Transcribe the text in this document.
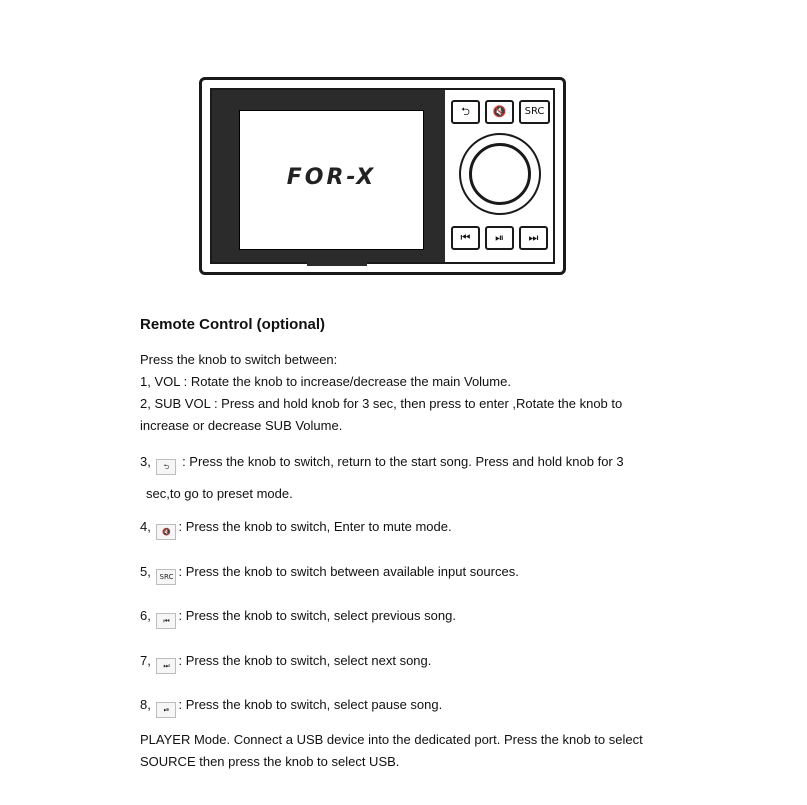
FOR-X
⮌	🔇	SRC
⏮	⏯	⏭
Remote Control (optional)
Press the knob to switch between:
1, VOL : Rotate the knob to increase/decrease the main Volume.
2, SUB VOL : Press and hold knob for 3 sec, then press to enter ,Rotate the knob to increase or decrease SUB Volume.
3, ⮌ : Press the knob to switch, return to the start song. Press and hold knob for 3
sec,to go to preset mode.
4, 🔇 : Press the knob to switch, Enter to mute mode.
5, SRC : Press the knob to switch between available input sources.
6, ⏮ : Press the knob to switch, select previous song.
7, ⏭ : Press the knob to switch, select next song.
8, ⏯ : Press the knob to switch, select pause song.
PLAYER Mode. Connect a USB device into the dedicated port. Press the knob to select SOURCE then press the knob to select USB.
